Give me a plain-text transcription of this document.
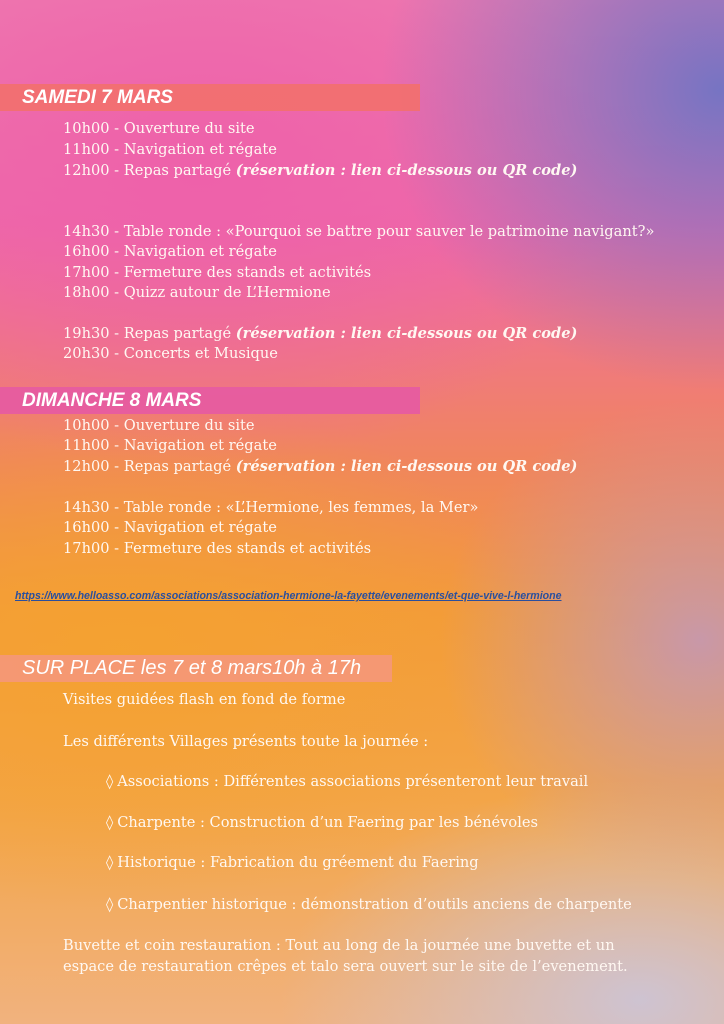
SAMEDI 7 MARS
10h00 - Ouverture du site
11h00 - Navigation et régate
12h00 - Repas partagé (réservation : lien ci-dessous ou QR code)
14h30 - Table ronde : «Pourquoi se battre pour sauver le patrimoine navigant?»
16h00 - Navigation et régate
17h00 - Fermeture des stands et activités
18h00 - Quizz autour de L’Hermione
19h30 - Repas partagé (réservation : lien ci-dessous ou QR code)
20h30 - Concerts et Musique
DIMANCHE 8 MARS
10h00 - Ouverture du site
11h00 - Navigation et régate
12h00 - Repas partagé (réservation : lien ci-dessous ou QR code)
14h30 - Table ronde : «L’Hermione, les femmes, la Mer»
16h00 - Navigation et régate
17h00 - Fermeture des stands et activités
https://www.helloasso.com/associations/association-hermione-la-fayette/evenements/et-que-vive-l-hermione
SUR PLACE les 7 et 8 mars10h à 17h
Visites guidées flash en fond de forme
Les différents Villages présents toute la journée :
◊ Associations : Différentes associations présenteront leur travail
◊ Charpente : Construction d’un Faering par les bénévoles
◊ Historique : Fabrication du gréement du Faering
◊ Charpentier historique : démonstration d’outils anciens de charpente
Buvette et coin restauration : Tout au long de la journée une buvette et un
espace de restauration crêpes et talo sera ouvert sur le site de l’evenement.
